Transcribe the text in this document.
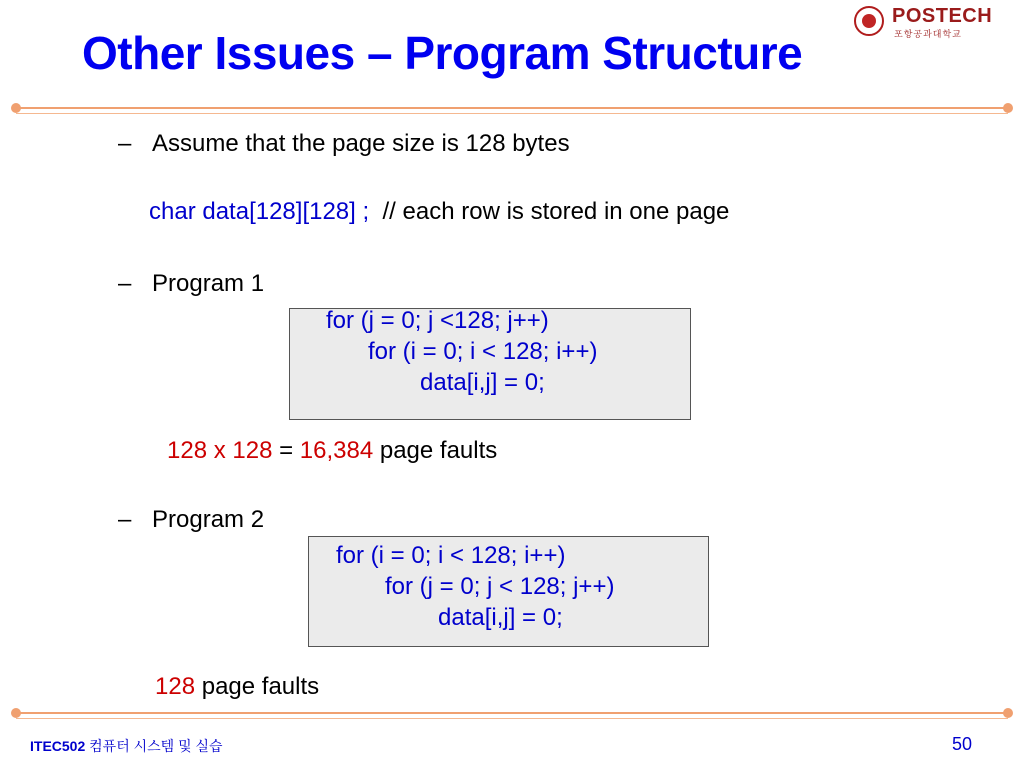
Other Issues – Program Structure
POSTECH
포항공과대학교
– Assume that the page size is 128 bytes
char data[128][128] ; // each row is stored in one page
– Program 1
for (j = 0; j <128; j++)
for (i = 0; i < 128; i++)
data[i,j] = 0;
128 x 128 = 16,384 page faults
– Program 2
for (i = 0; i < 128; i++)
for (j = 0; j < 128; j++)
data[i,j] = 0;
128 page faults
ITEC502 컴퓨터 시스템 및 실습	50
